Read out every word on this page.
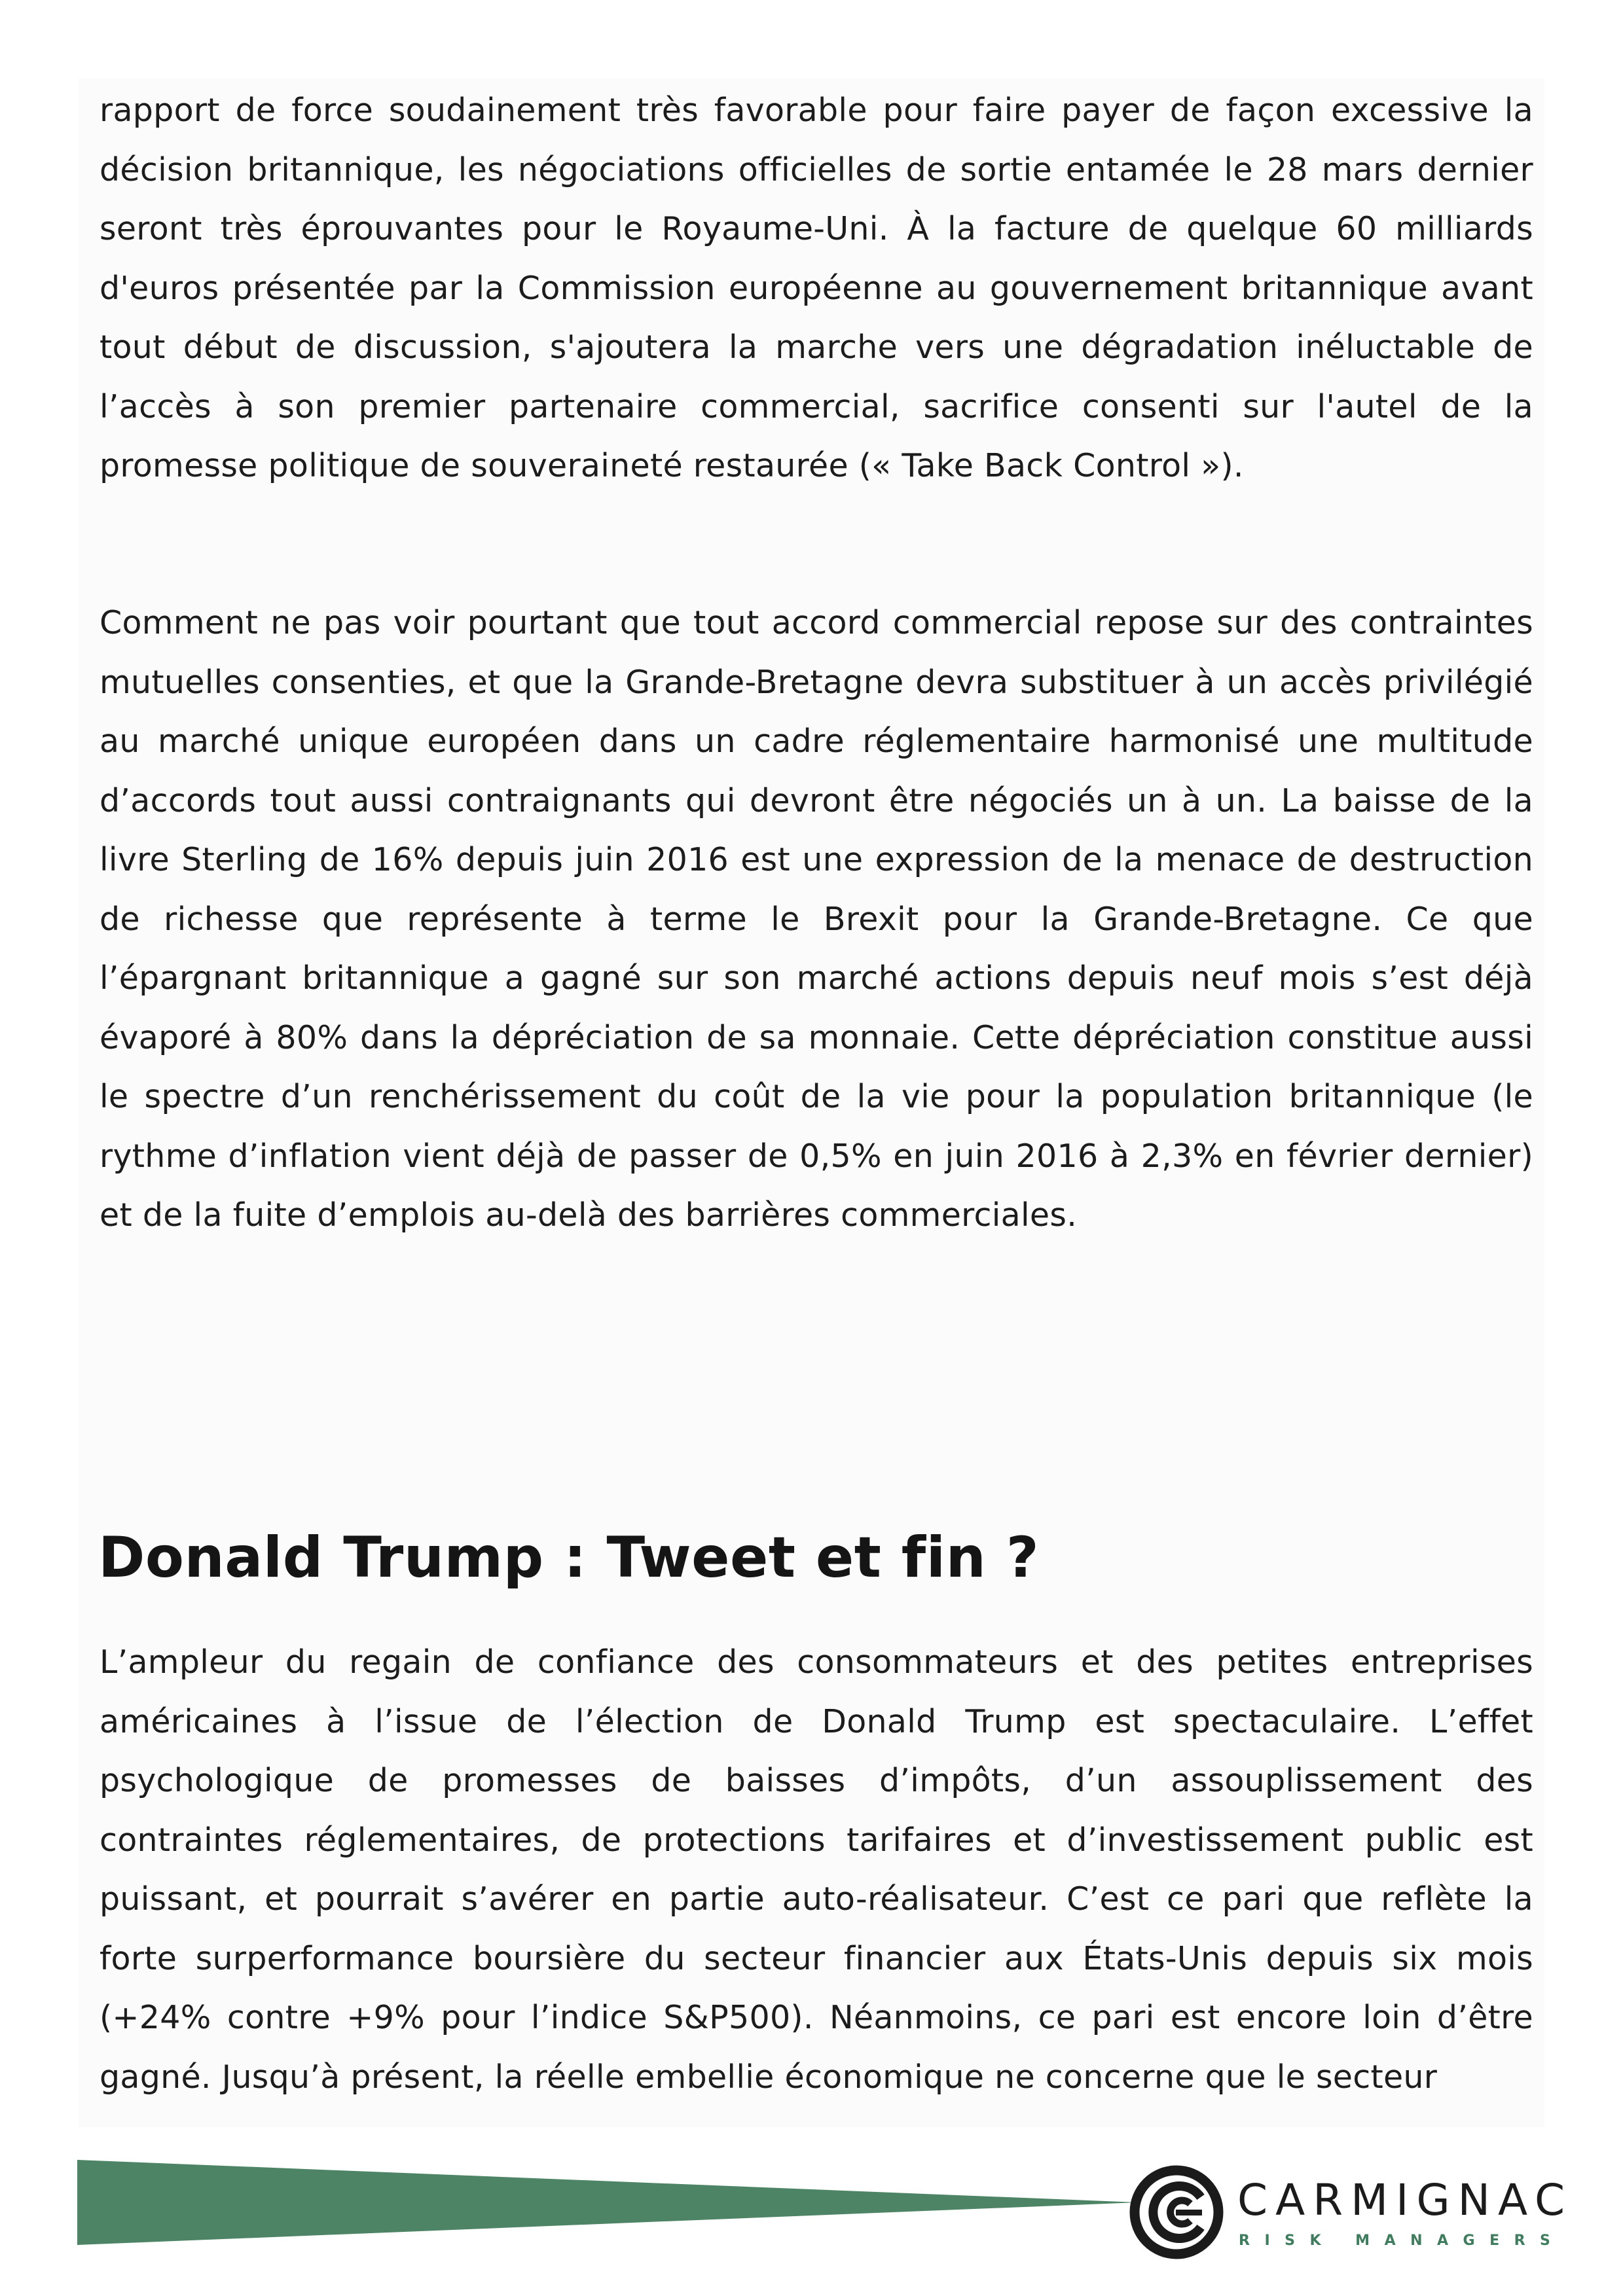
rapport de force soudainement très favorable pour faire payer de façon excessive la décision britannique, les négociations officielles de sortie entamée le 28 mars dernier seront très éprouvantes pour le Royaume-Uni. À la facture de quelque 60 milliards d'euros présentée par la Commission européenne au gouvernement britannique avant tout début de discussion, s'ajoutera la marche vers une dégradation inéluctable de l’accès à son premier partenaire commercial, sacrifice consenti sur l'autel de la promesse politique de souveraineté restaurée (« Take Back Control »).

Comment ne pas voir pourtant que tout accord commercial repose sur des contraintes mutuelles consenties, et que la Grande-Bretagne devra substituer à un accès privilégié au marché unique européen dans un cadre réglementaire harmonisé une multitude d’accords tout aussi contraignants qui devront être négociés un à un. La baisse de la livre Sterling de 16% depuis juin 2016 est une expression de la menace de destruction de richesse que représente à terme le Brexit pour la Grande-Bretagne. Ce que l’épargnant britannique a gagné sur son marché actions depuis neuf mois s’est déjà évaporé à 80% dans la dépréciation de sa monnaie. Cette dépréciation constitue aussi le spectre d’un renchérissement du coût de la vie pour la population britannique (le rythme d’inflation vient déjà de passer de 0,5% en juin 2016 à 2,3% en février dernier) et de la fuite d’emplois au-delà des barrières commerciales.

Donald Trump : Tweet et fin ?

L’ampleur du regain de confiance des consommateurs et des petites entreprises américaines à l’issue de l’élection de Donald Trump est spectaculaire. L’effet psychologique de promesses de baisses d’impôts, d’un assouplissement des contraintes réglementaires, de protections tarifaires et d’investissement public est puissant, et pourrait s’avérer en partie auto-réalisateur. C’est ce pari que reflète la forte surperformance boursière du secteur financier aux États-Unis depuis six mois (+24% contre +9% pour l’indice S&P500). Néanmoins, ce pari est encore loin d’être gagné. Jusqu’à présent, la réelle embellie économique ne concerne que le secteur

CARMIGNAC
RISK MANAGERS
